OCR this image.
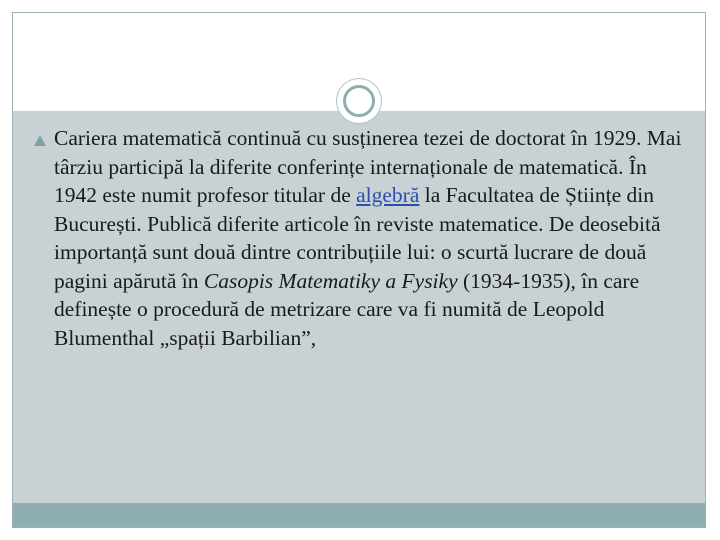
Cariera matematică continuă cu susținerea tezei de doctorat în 1929. Mai târziu participă la diferite conferințe internaționale de matematică. În 1942 este numit profesor titular de algebră la Facultatea de Științe din București. Publică diferite articole în reviste matematice. De deosebită importanță sunt două dintre contribuțiile lui: o scurtă lucrare de două pagini apărută în Casopis Matematiky a Fysiky (1934-1935), în care definește o procedură de metrizare care va fi numită de Leopold Blumenthal „spații Barbilian”,
